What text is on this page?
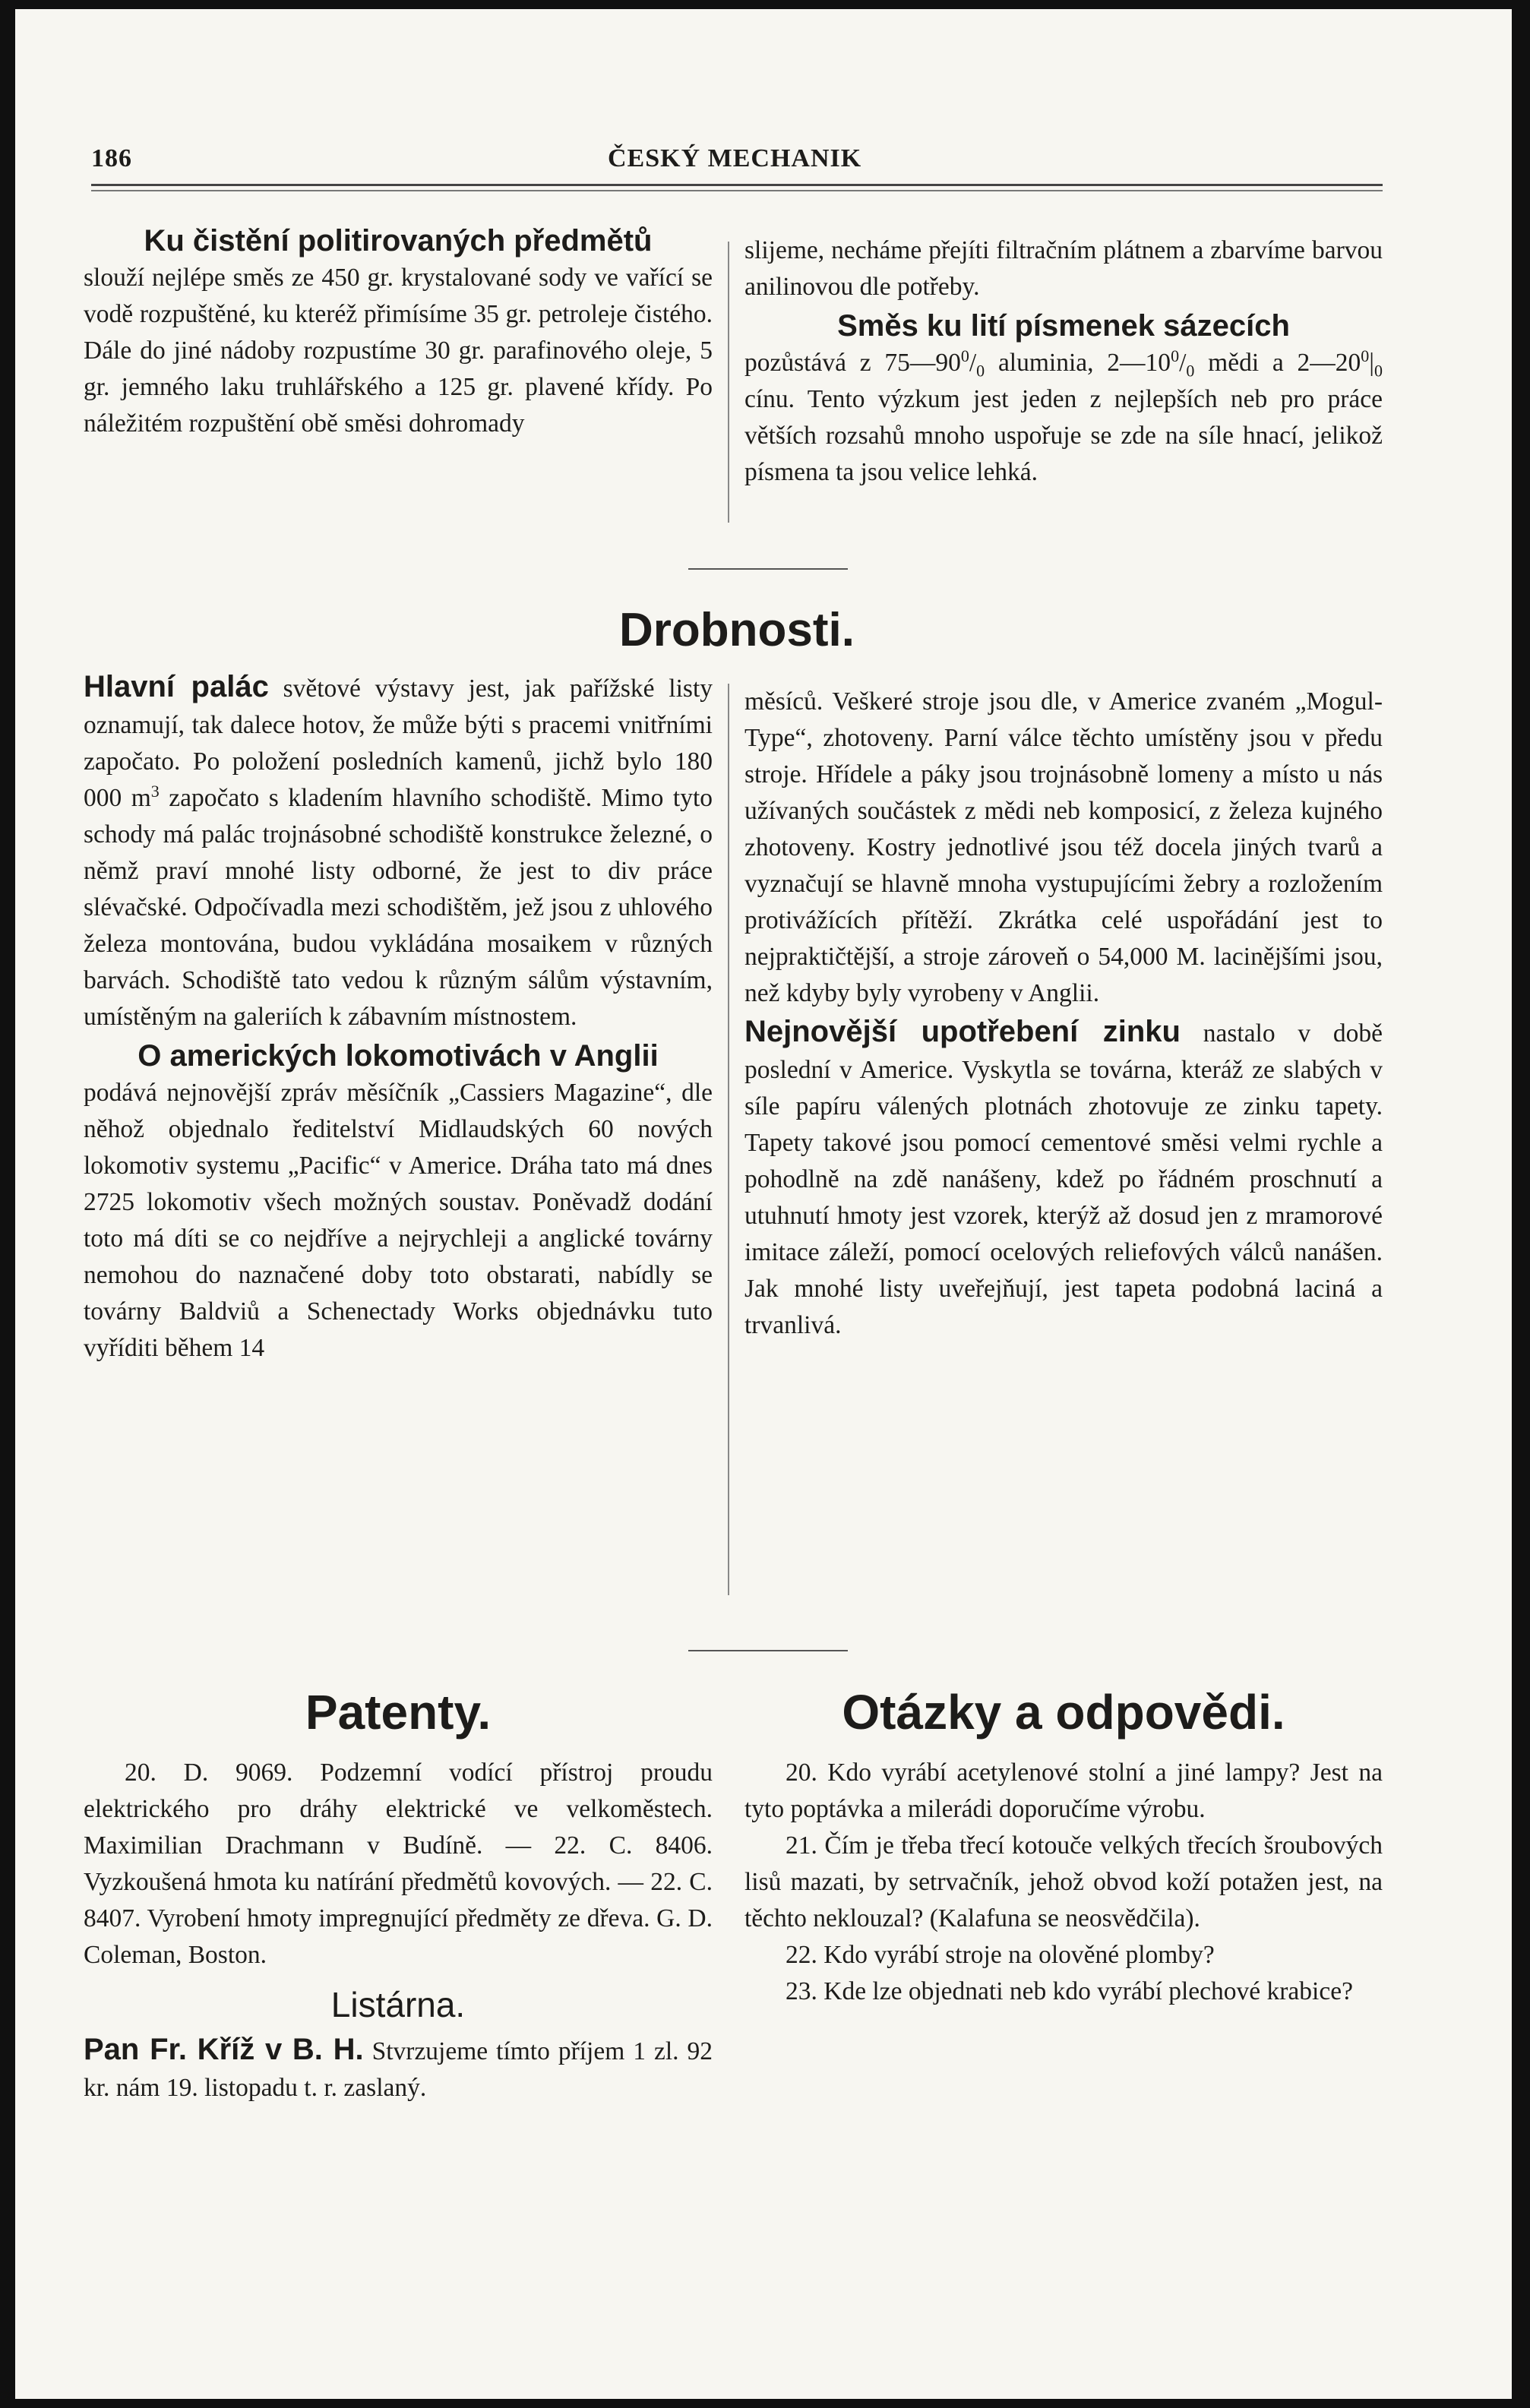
186	ČESKÝ MECHANIK

Ku čistění politirovaných předmětů

slouží nejlépe směs ze 450 gr. krystalované sody ve vařící se vodě rozpuštěné, ku kteréž přimísíme 35 gr. petroleje čistého. Dále do jiné nádoby rozpustíme 30 gr. parafinového oleje, 5 gr. jemného laku truhlářského a 125 gr. plavené křídy. Po náležitém rozpuštění obě směsi dohromady

slijeme, necháme přejíti filtračním plátnem a zbarvíme barvou anilinovou dle potřeby.

Směs ku lití písmenek sázecích

pozůstává z $75—90^0/_0$ aluminia, $2—10^0/_0$ mědi a $2—20^0|_0$ cínu. Tento výzkum jest jeden z nejlepších neb pro práce větších rozsahů mnoho uspořuje se zde na síle hnací, jelikož písmena ta jsou velice lehká.

Drobnosti.

Hlavní palác světové výstavy jest, jak pařížské listy oznamují, tak dalece hotov, že může býti s pracemi vnitřními započato. Po položení posledních kamenů, jichž bylo 180 000 $m^3$ započato s kladením hlavního schodiště. Mimo tyto schody má palác trojnásobné schodiště konstrukce železné, o němž praví mnohé listy odborné, že jest to div práce slévačské. Odpočívadla mezi schodištěm, jež jsou z uhlového železa montována, budou vykládána mosaikem v různých barvách. Schodiště tato vedou k různým sálům výstavním, umístěným na galeriích k zábavním místnostem.

O amerických lokomotivách v Anglii

podává nejnovější zpráv měsíčník „Cassiers Magazine“, dle něhož objednalo ředitelství Midlaudských 60 nových lokomotiv systemu „Pacific“ v Americe. Dráha tato má dnes 2725 lokomotiv všech možných soustav. Poněvadž dodání toto má díti se co nejdříve a nejrychleji a anglické továrny nemohou do naznačené doby toto obstarati, nabídly se továrny Baldviů a Schenectady Works objednávku tuto vyříditi během 14

měsíců. Veškeré stroje jsou dle, v Americe zvaném „Mogul-Type“, zhotoveny. Parní válce těchto umístěny jsou v předu stroje. Hřídele a páky jsou trojnásobně lomeny a místo u nás užívaných součástek z mědi neb komposicí, z železa kujného zhotoveny. Kostry jednotlivé jsou též docela jiných tvarů a vyznačují se hlavně mnoha vystupujícími žebry a rozložením protivážících přítěží. Zkrátka celé uspořádání jest to nejpraktičtější, a stroje zároveň o 54,000 M. lacinějšími jsou, než kdyby byly vyrobeny v Anglii.

Nejnovější upotřebení zinku nastalo v době poslední v Americe. Vyskytla se továrna, kteráž ze slabých v síle papíru válených plotnách zhotovuje ze zinku tapety. Tapety takové jsou pomocí cementové směsi velmi rychle a pohodlně na zdě nanášeny, kdež po řádném proschnutí a utuhnutí hmoty jest vzorek, kterýž až dosud jen z mramorové imitace záleží, pomocí ocelových reliefových válců nanášen. Jak mnohé listy uveřejňují, jest tapeta podobná laciná a trvanlivá.

Patenty.

20. D. 9069. Podzemní vodící přístroj proudu elektrického pro dráhy elektrické ve velkoměstech. Maximilian Drachmann v Budíně. — 22. C. 8406. Vyzkoušená hmota ku natírání předmětů kovových. — 22. C. 8407. Vyrobení hmoty impregnující předměty ze dřeva. G. D. Coleman, Boston.

Listárna.

Pan Fr. Kříž v B. H. Stvrzujeme tímto příjem 1 zl. 92 kr. nám 19. listopadu t. r. zaslaný.

Otázky a odpovědi.

20. Kdo vyrábí acetylenové stolní a jiné lampy? Jest na tyto poptávka a milerádi doporučíme výrobu.

21. Čím je třeba třecí kotouče velkých třecích šroubových lisů mazati, by setrvačník, jehož obvod koží potažen jest, na těchto neklouzal? (Kalafuna se neosvědčila).

22. Kdo vyrábí stroje na olověné plomby?

23. Kde lze objednati neb kdo vyrábí plechové krabice?
